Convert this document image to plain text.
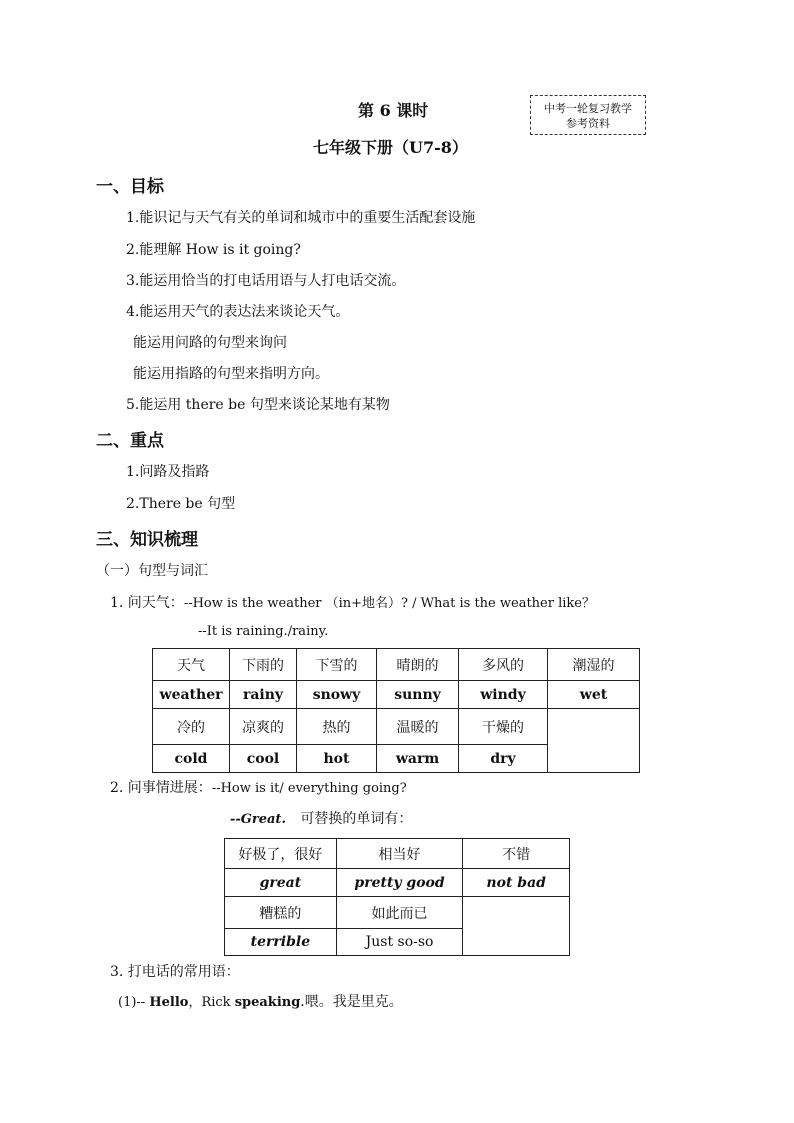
第 6 课时
七年级下册（U7-8）
中考一轮复习教学
参考资料
一、目标
1.能识记与天气有关的单词和城市中的重要生活配套设施
2.能理解 How is it going?
3.能运用恰当的打电话用语与人打电话交流。
4.能运用天气的表达法来谈论天气。
能运用问路的句型来询问
能运用指路的句型来指明方向。
5.能运用 there be 句型来谈论某地有某物
二、重点
1.问路及指路
2.There be 句型
三、知识梳理
（一）句型与词汇
1. 问天气：--How is the weather （in+地名）? / What is the weather like？
--It is raining./rainy.
天气	下雨的	下雪的	晴朗的	多风的	潮湿的
weather	rainy	snowy	sunny	windy	wet
冷的	凉爽的	热的	温暖的	干燥的	
cold	cool	hot	warm	dry	
2. 问事情进展：--How is it/ everything going?
--Great. 可替换的单词有：
好极了，很好	相当好	不错
great	pretty good	not bad
糟糕的	如此而已	
terrible	Just so-so	
3. 打电话的常用语：
(1)-- Hello，Rick speaking.喂。我是里克。
